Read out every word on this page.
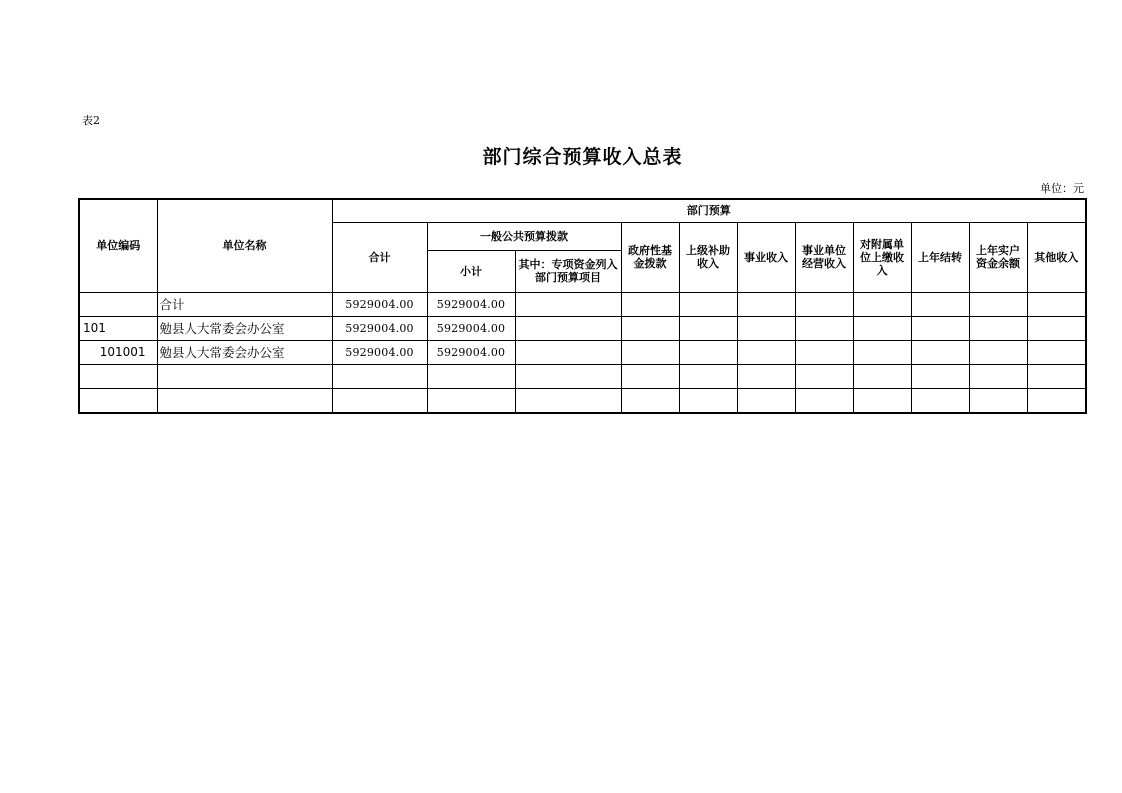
表2
部门综合预算收入总表
单位：元
单位编码	单位名称	部门预算										
		合计	一般公共预算拨款		政府性基金拨款	上级补助收入	事业收入	事业单位经营收入	对附属单位上缴收入	上年结转	上年实户资金余额	其他收入
			小计	其中：专项资金列入部门预算项目								
	合计	5929004.00	5929004.00									
101	勉县人大常委会办公室	5929004.00	5929004.00									
101001	勉县人大常委会办公室	5929004.00	5929004.00									
